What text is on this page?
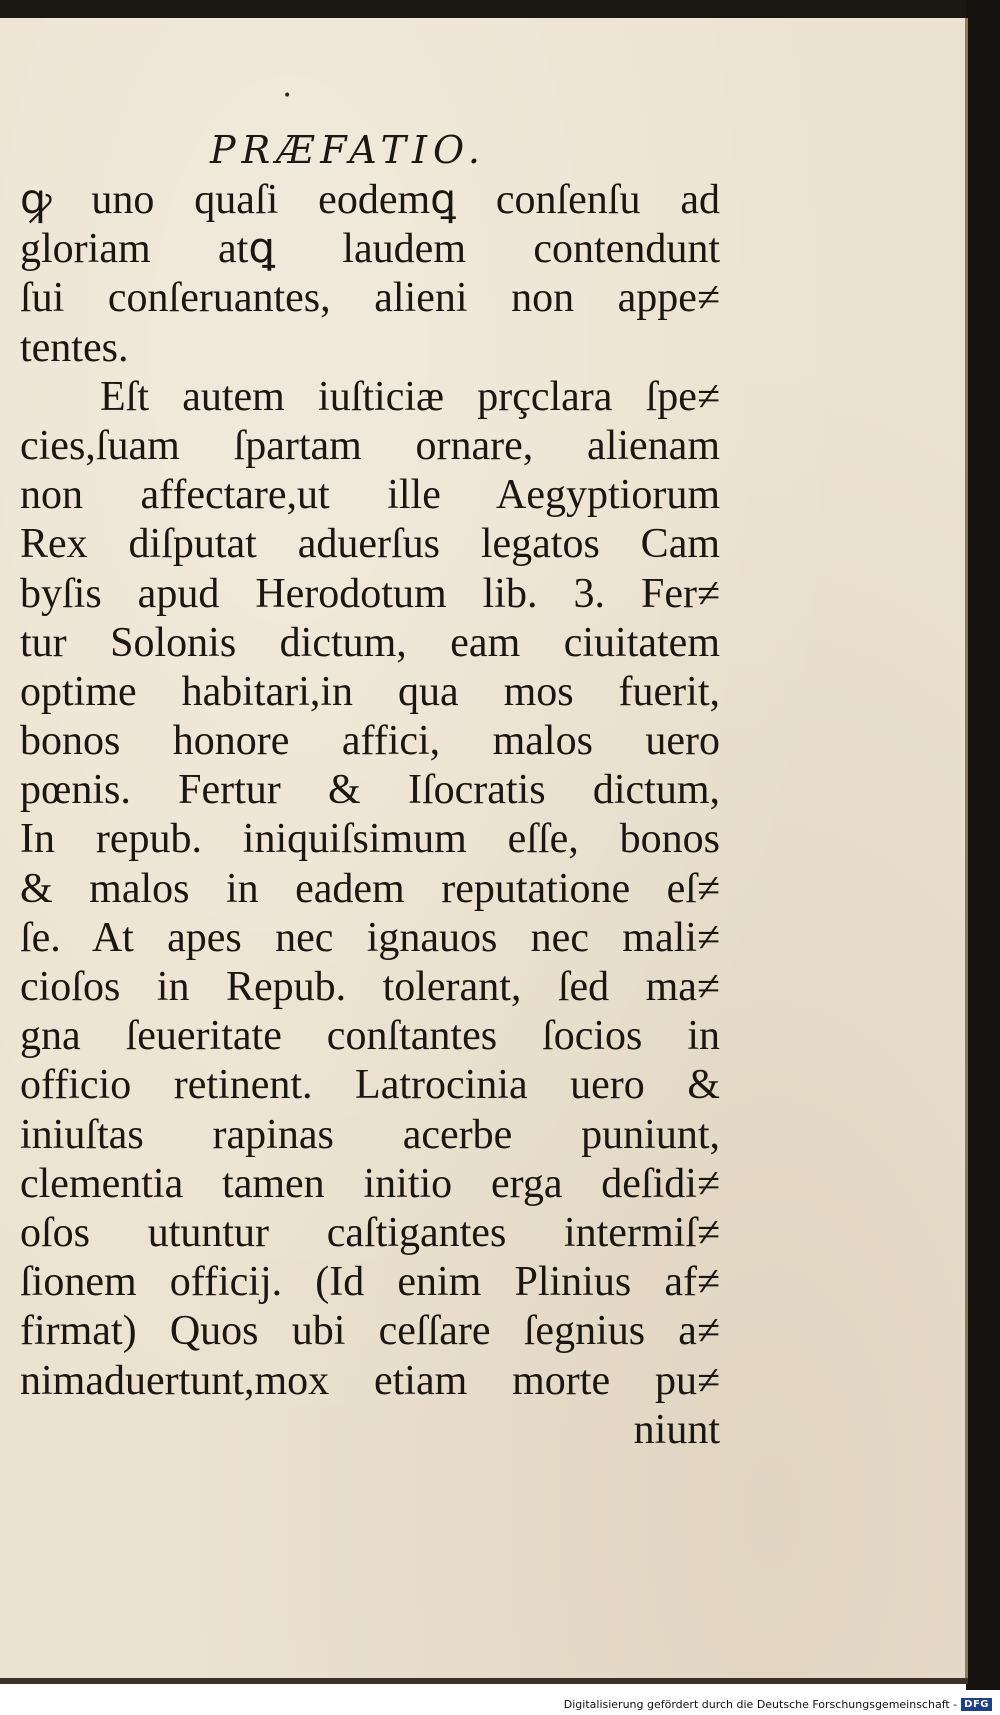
•
PRÆFATIO.
ꝙ uno quaſi eodemꝗ conſenſu ad
gloriam atꝗ laudem contendunt
ſui conſeruantes, alieni non appe≠
tentes.
Eſt autem iuſticiæ prçclara ſpe≠
cies,ſuam ſpartam ornare, alienam
non affectare,ut ille Aegyptiorum
Rex diſputat aduerſus legatos Cam
byſis apud Herodotum lib. 3. Fer≠
tur Solonis dictum, eam ciuitatem
optime habitari,in qua mos fuerit,
bonos honore affici, malos uero
pœnis. Fertur & Iſocratis dictum,
In repub. iniquiſsimum eſſe, bonos
& malos in eadem reputatione eſ≠
ſe. At apes nec ignauos nec mali≠
cioſos in Repub. tolerant, ſed ma≠
gna ſeueritate conſtantes ſocios in
officio retinent. Latrocinia uero &
iniuſtas rapinas acerbe puniunt,
clementia tamen initio erga deſidi≠
oſos utuntur caſtigantes intermiſ≠
ſionem officij. (Id enim Plinius af≠
firmat) Quos ubi ceſſare ſegnius a≠
nimaduertunt,mox etiam morte pu≠
niunt
Digitalisierung gefördert durch die Deutsche Forschungsgemeinschaft - DFG
